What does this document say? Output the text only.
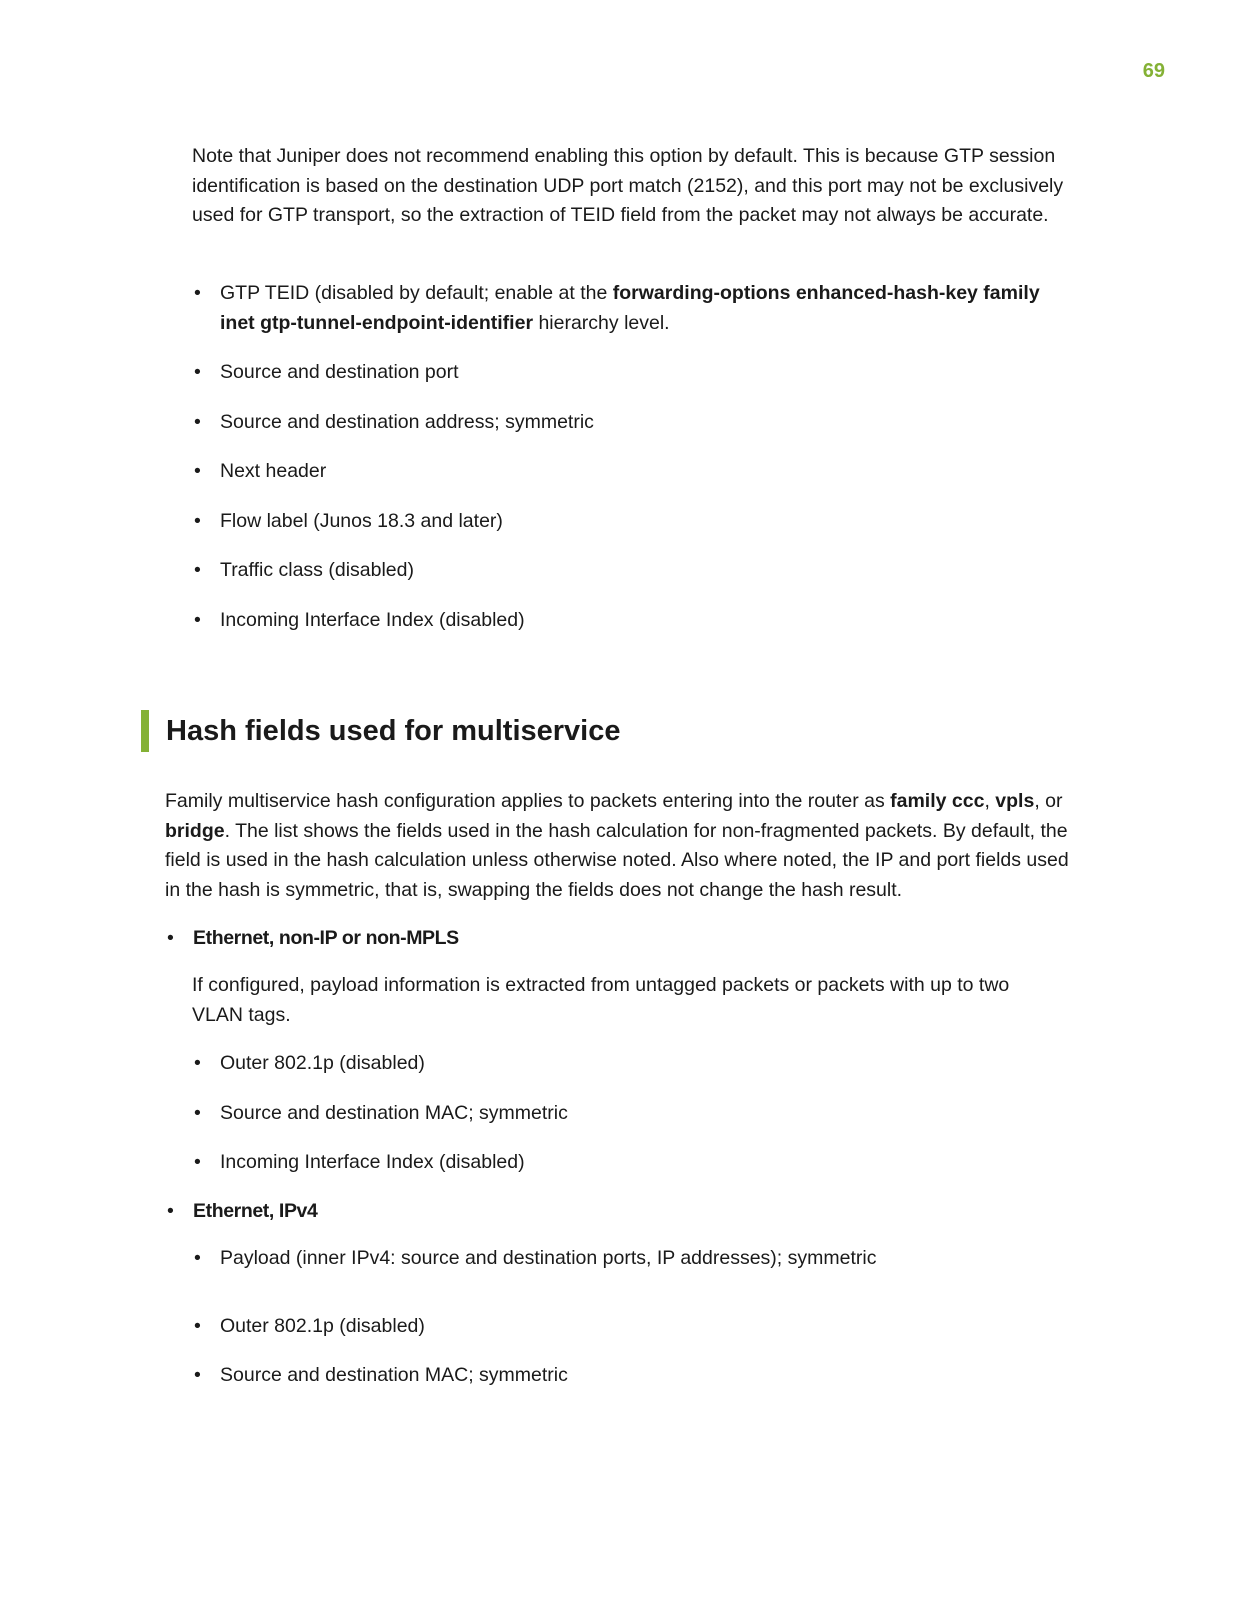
69

Note that Juniper does not recommend enabling this option by default. This is because GTP session identification is based on the destination UDP port match (2152), and this port may not be exclusively used for GTP transport, so the extraction of TEID field from the packet may not always be accurate.

• GTP TEID (disabled by default; enable at the forwarding-options enhanced-hash-key family inet gtp-tunnel-endpoint-identifier hierarchy level.
• Source and destination port
• Source and destination address; symmetric
• Next header
• Flow label (Junos 18.3 and later)
• Traffic class (disabled)
• Incoming Interface Index (disabled)
Hash fields used for multiservice

Family multiservice hash configuration applies to packets entering into the router as family ccc, vpls, or bridge. The list shows the fields used in the hash calculation for non-fragmented packets. By default, the field is used in the hash calculation unless otherwise noted. Also where noted, the IP and port fields used in the hash is symmetric, that is, swapping the fields does not change the hash result.

• Ethernet, non-IP or non-MPLS

If configured, payload information is extracted from untagged packets or packets with up to two VLAN tags.

• Outer 802.1p (disabled)
• Source and destination MAC; symmetric
• Incoming Interface Index (disabled)
• Ethernet, IPv4
• Payload (inner IPv4: source and destination ports, IP addresses); symmetric
• Outer 802.1p (disabled)
• Source and destination MAC; symmetric
